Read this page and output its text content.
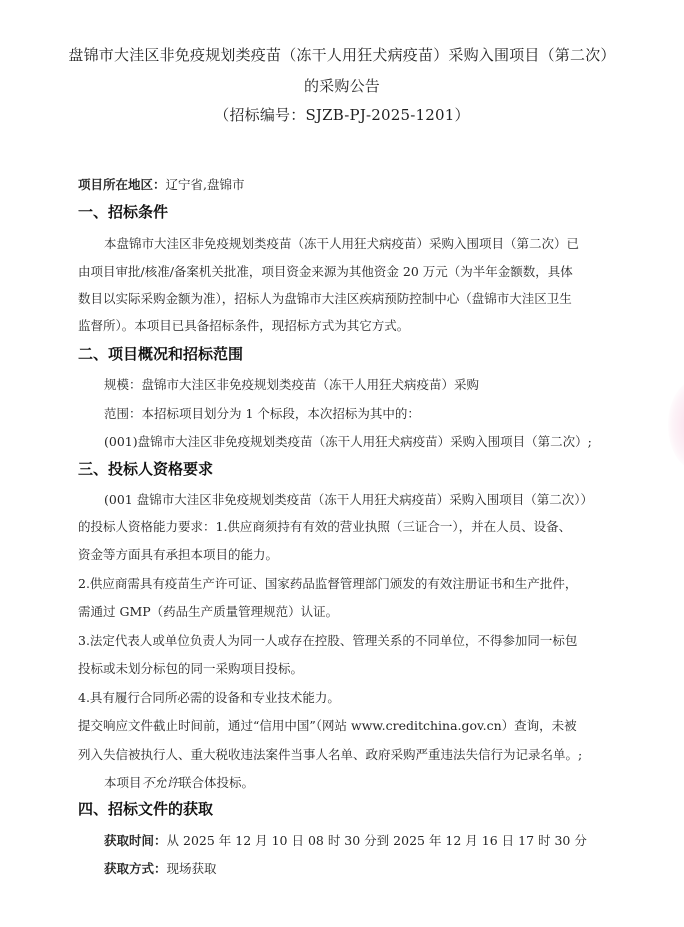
盘锦市大洼区非免疫规划类疫苗（冻干人用狂犬病疫苗）采购入围项目（第二次）
的采购公告
（招标编号：SJZB-PJ-2025-1201）
项目所在地区：辽宁省,盘锦市
一、招标条件
本盘锦市大洼区非免疫规划类疫苗（冻干人用狂犬病疫苗）采购入围项目（第二次）已
由项目审批/核准/备案机关批准，项目资金来源为其他资金 20 万元（为半年金额数，具体
数目以实际采购金额为准），招标人为盘锦市大洼区疾病预防控制中心（盘锦市大洼区卫生
监督所）。本项目已具备招标条件，现招标方式为其它方式。
二、项目概况和招标范围
规模：盘锦市大洼区非免疫规划类疫苗（冻干人用狂犬病疫苗）采购
范围：本招标项目划分为 1 个标段，本次招标为其中的：
(001)盘锦市大洼区非免疫规划类疫苗（冻干人用狂犬病疫苗）采购入围项目（第二次）;
三、投标人资格要求
(001 盘锦市大洼区非免疫规划类疫苗（冻干人用狂犬病疫苗）采购入围项目（第二次））
的投标人资格能力要求：1.供应商须持有有效的营业执照（三证合一），并在人员、设备、
资金等方面具有承担本项目的能力。
2.供应商需具有疫苗生产许可证、国家药品监督管理部门颁发的有效注册证书和生产批件，
需通过 GMP（药品生产质量管理规范）认证。
3.法定代表人或单位负责人为同一人或存在控股、管理关系的不同单位，不得参加同一标包
投标或未划分标包的同一采购项目投标。
4.具有履行合同所必需的设备和专业技术能力。
提交响应文件截止时间前，通过“信用中国”（网站 www.creditchina.gov.cn）查询，未被
列入失信被执行人、重大税收违法案件当事人名单、政府采购严重违法失信行为记录名单。;
本项目不允许联合体投标。
四、招标文件的获取
获取时间：从 2025 年 12 月 10 日 08 时 30 分到 2025 年 12 月 16 日 17 时 30 分
获取方式：现场获取
